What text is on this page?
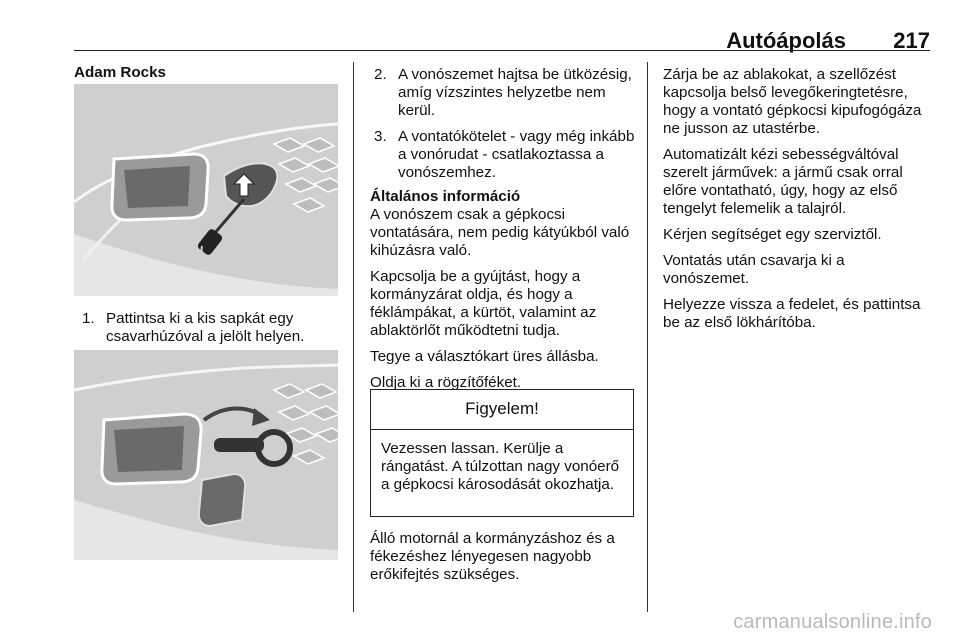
Autóápolás 217
Adam Rocks
1. Pattintsa ki a kis sapkát egy csavarhúzóval a jelölt helyen.
2. A vonószemet hajtsa be ütközésig, amíg vízszintes helyzetbe nem kerül.
3. A vontatókötelet - vagy még inkább a vonórudat - csatlakoztassa a vonószemhez.
Általános információ

A vonószem csak a gépkocsi vontatására, nem pedig kátyúkból való kihúzásra való.

Kapcsolja be a gyújtást, hogy a kormányzárat oldja, és hogy a féklámpákat, a kürtöt, valamint az ablaktörlőt működtetni tudja.

Tegye a választókart üres állásba.

Oldja ki a rögzítőféket.

Figyelem!
Vezessen lassan. Kerülje a rángatást. A túlzottan nagy vonóerő a gépkocsi károsodását okozhatja.

Álló motornál a kormányzáshoz és a fékezéshez lényegesen nagyobb erőkifejtés szükséges.

Zárja be az ablakokat, a szellőzést kapcsolja belső levegőkeringtetésre, hogy a vontató gépkocsi kipufogógáza ne jusson az utastérbe.

Automatizált kézi sebességváltóval szerelt járművek: a jármű csak orral előre vontatható, úgy, hogy az első tengelyt felemelik a talajról.

Kérjen segítséget egy szerviztől.

Vontatás után csavarja ki a vonószemet.

Helyezze vissza a fedelet, és pattintsa be az első lökhárítóba.

carmanualsonline.info
